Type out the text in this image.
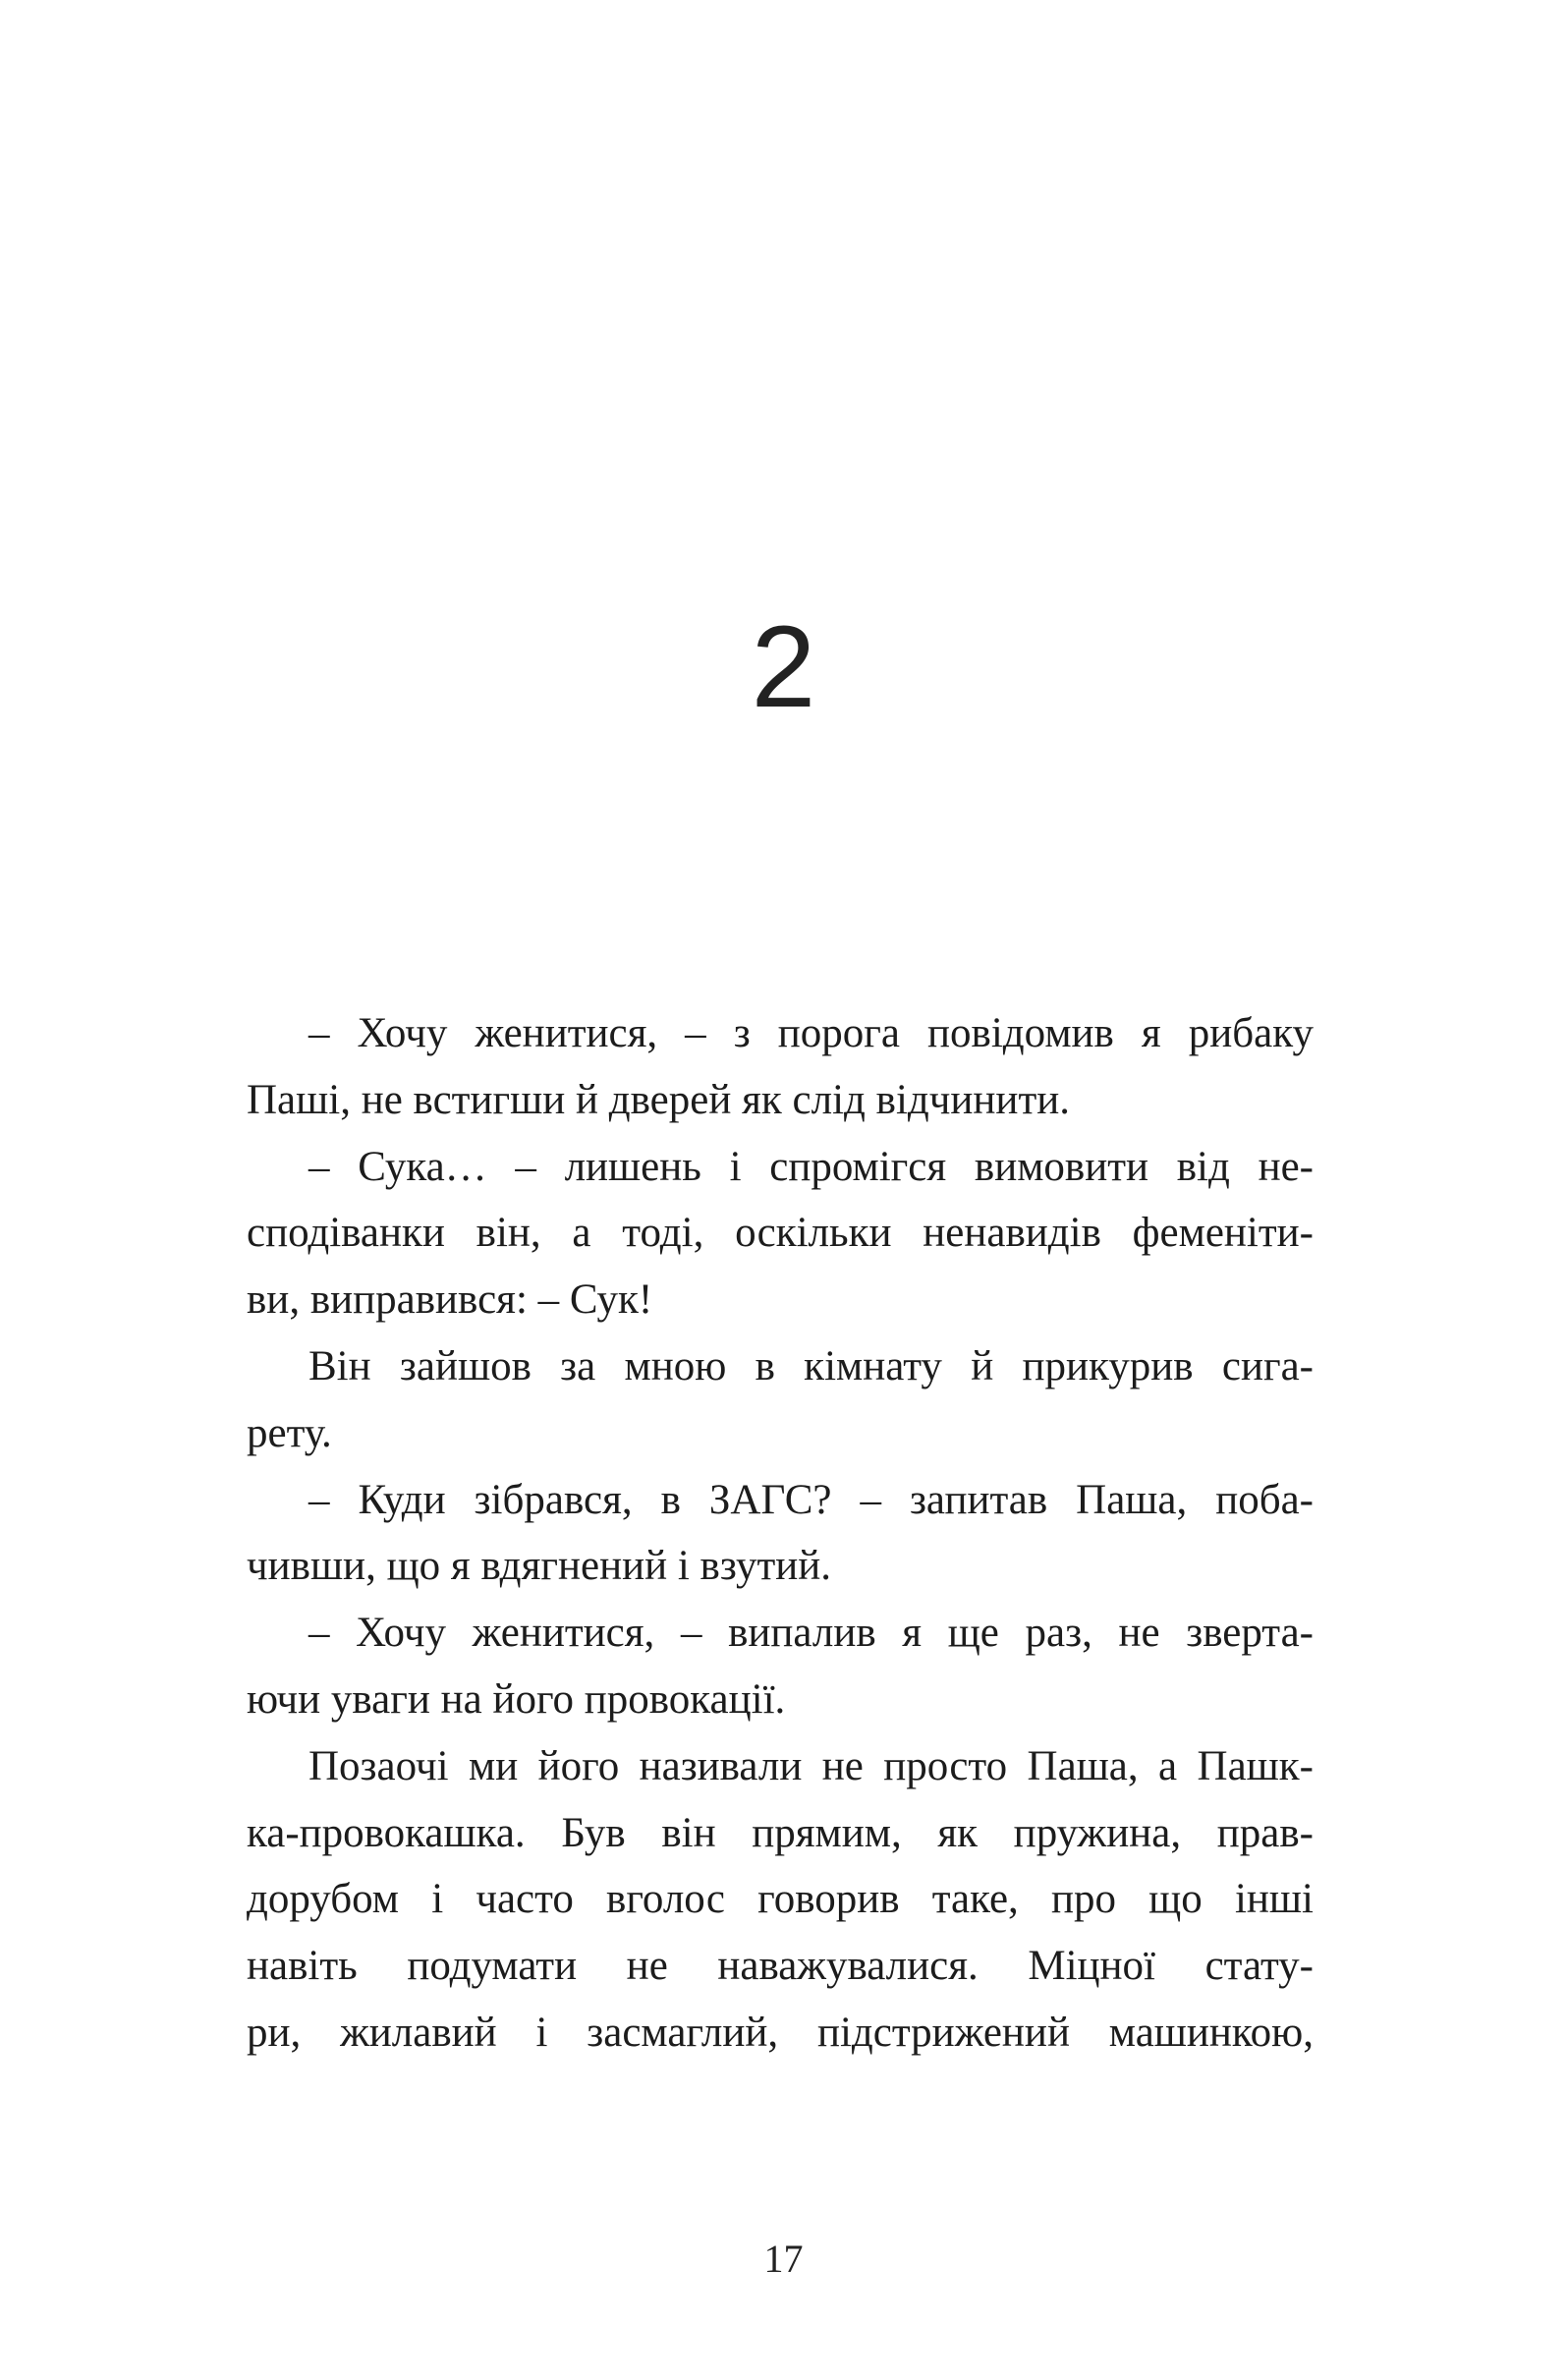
2
– Хочу женитися, – з порога повідомив я рибаку
Паші, не встигши й дверей як слід відчинити.
– Сука… – лишень і спромігся вимовити від не-
сподіванки він, а тоді, оскільки ненавидів феменіти-
ви, виправився: – Сук!
Він зайшов за мною в кімнату й прикурив сига-
рету.
– Куди зібрався, в ЗАГС? – запитав Паша, поба-
чивши, що я вдягнений і взутий.
– Хочу женитися, – випалив я ще раз, не зверта-
ючи уваги на його провокації.
Позаочі ми його називали не просто Паша, а Пашк-
ка-провокашка. Був він прямим, як пружина, прав-
дорубом і часто вголос говорив таке, про що інші
навіть подумати не наважувалися. Міцної стату-
ри, жилавий і засмаглий, підстрижений машинкою,
17
